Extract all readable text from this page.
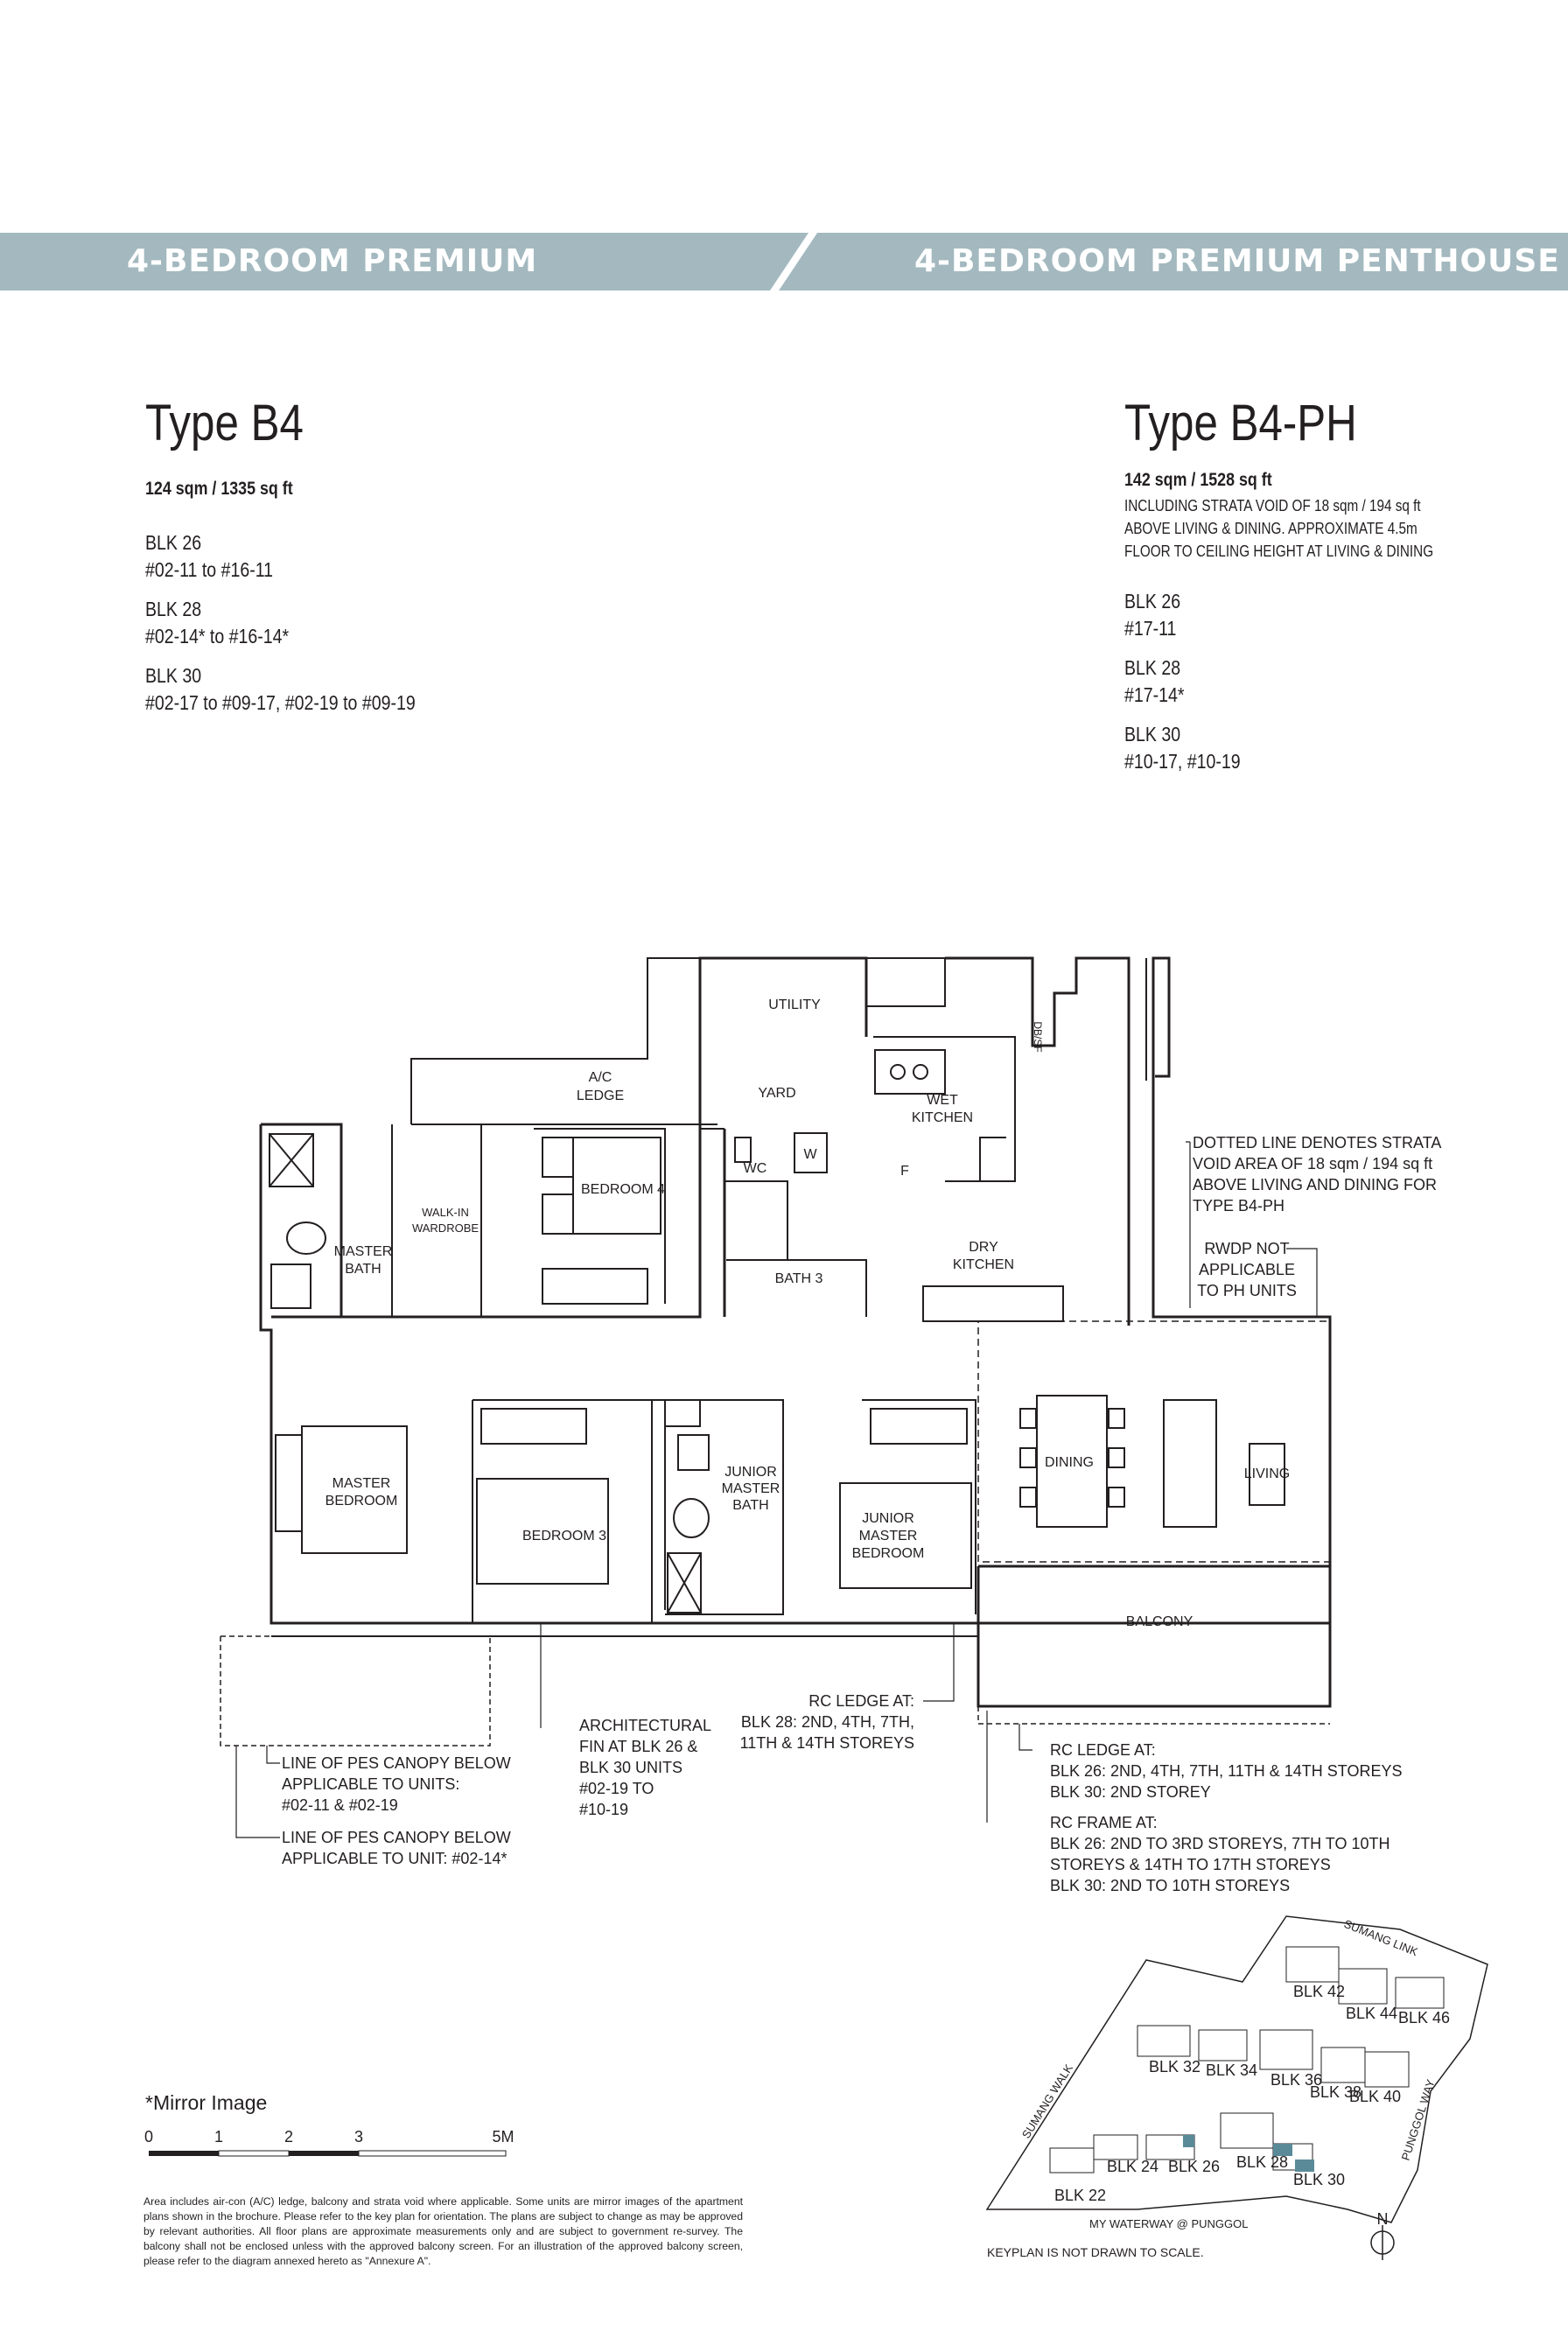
4-BEDROOM PREMIUM	4-BEDROOM PREMIUM PENTHOUSE
Type B4
124 sqm / 1335 sq ft
BLK 26
#02-11 to #16-11
BLK 28
#02-14* to #16-14*
BLK 30
#02-17 to #09-17, #02-19 to #09-19
Type B4-PH
142 sqm / 1528 sq ft
INCLUDING STRATA VOID OF 18 sqm / 194 sq ft
ABOVE LIVING & DINING. APPROXIMATE 4.5m
FLOOR TO CEILING HEIGHT AT LIVING & DINING
BLK 26
#17-11
BLK 28
#17-14*
BLK 30
#10-17, #10-19
UTILITY
A/C
LEDGE	YARD	WET
KITCHEN
DB/SF
WC
W
F
BEDROOM 4
WALK-IN
WARDROBE
MASTER
BATH
BATH 3
DRY
KITCHEN
MASTER
BEDROOM
BEDROOM 3
JUNIOR
MASTER
BATH
JUNIOR
MASTER
BEDROOM
DINING
LIVING
BALCONY
DOTTED LINE DENOTES STRATA
VOID AREA OF 18 sqm / 194 sq ft
ABOVE LIVING AND DINING FOR
TYPE B4-PH
RWDP NOT
APPLICABLE
TO PH UNITS
ARCHITECTURAL
FIN AT BLK 26 &
BLK 30 UNITS
#02-19 TO
#10-19
RC LEDGE AT:
BLK 28: 2ND, 4TH, 7TH,
11TH & 14TH STOREYS	RC LEDGE AT:
BLK 26: 2ND, 4TH, 7TH, 11TH & 14TH STOREYS
BLK 30: 2ND STOREY
RC FRAME AT:
BLK 26: 2ND TO 3RD STOREYS, 7TH TO 10TH
STOREYS & 14TH TO 17TH STOREYS
BLK 30: 2ND TO 10TH STOREYS
LINE OF PES CANOPY BELOW
APPLICABLE TO UNITS:
#02-11 & #02-19
LINE OF PES CANOPY BELOW
APPLICABLE TO UNIT: #02-14*
0	1	2	3	5M
BLK 22
BLK 24 BLK 26 BLK 28
BLK 30
BLK 32 BLK 34
BLK 36
BLK 38
BLK 40
BLK 42
BLK 44 BLK 46
SUMANG LINK
SUMANG WALK	PUNGGOL WAY
MY WATERWAY @ PUNGGOL	N
*Mirror Image
Area includes air-con (A/C) ledge, balcony and strata void where applicable. Some units are mirror images of the apartment plans shown in the brochure. Please refer to the key plan for orientation. The plans are subject to change as may be approved by relevant authorities. All floor plans are approximate measurements only and are subject to government re-survey. The balcony shall not be enclosed unless with the approved balcony screen. For an illustration of the approved balcony screen, please refer to the diagram annexed hereto as "Annexure A".
KEYPLAN IS NOT DRAWN TO SCALE.
